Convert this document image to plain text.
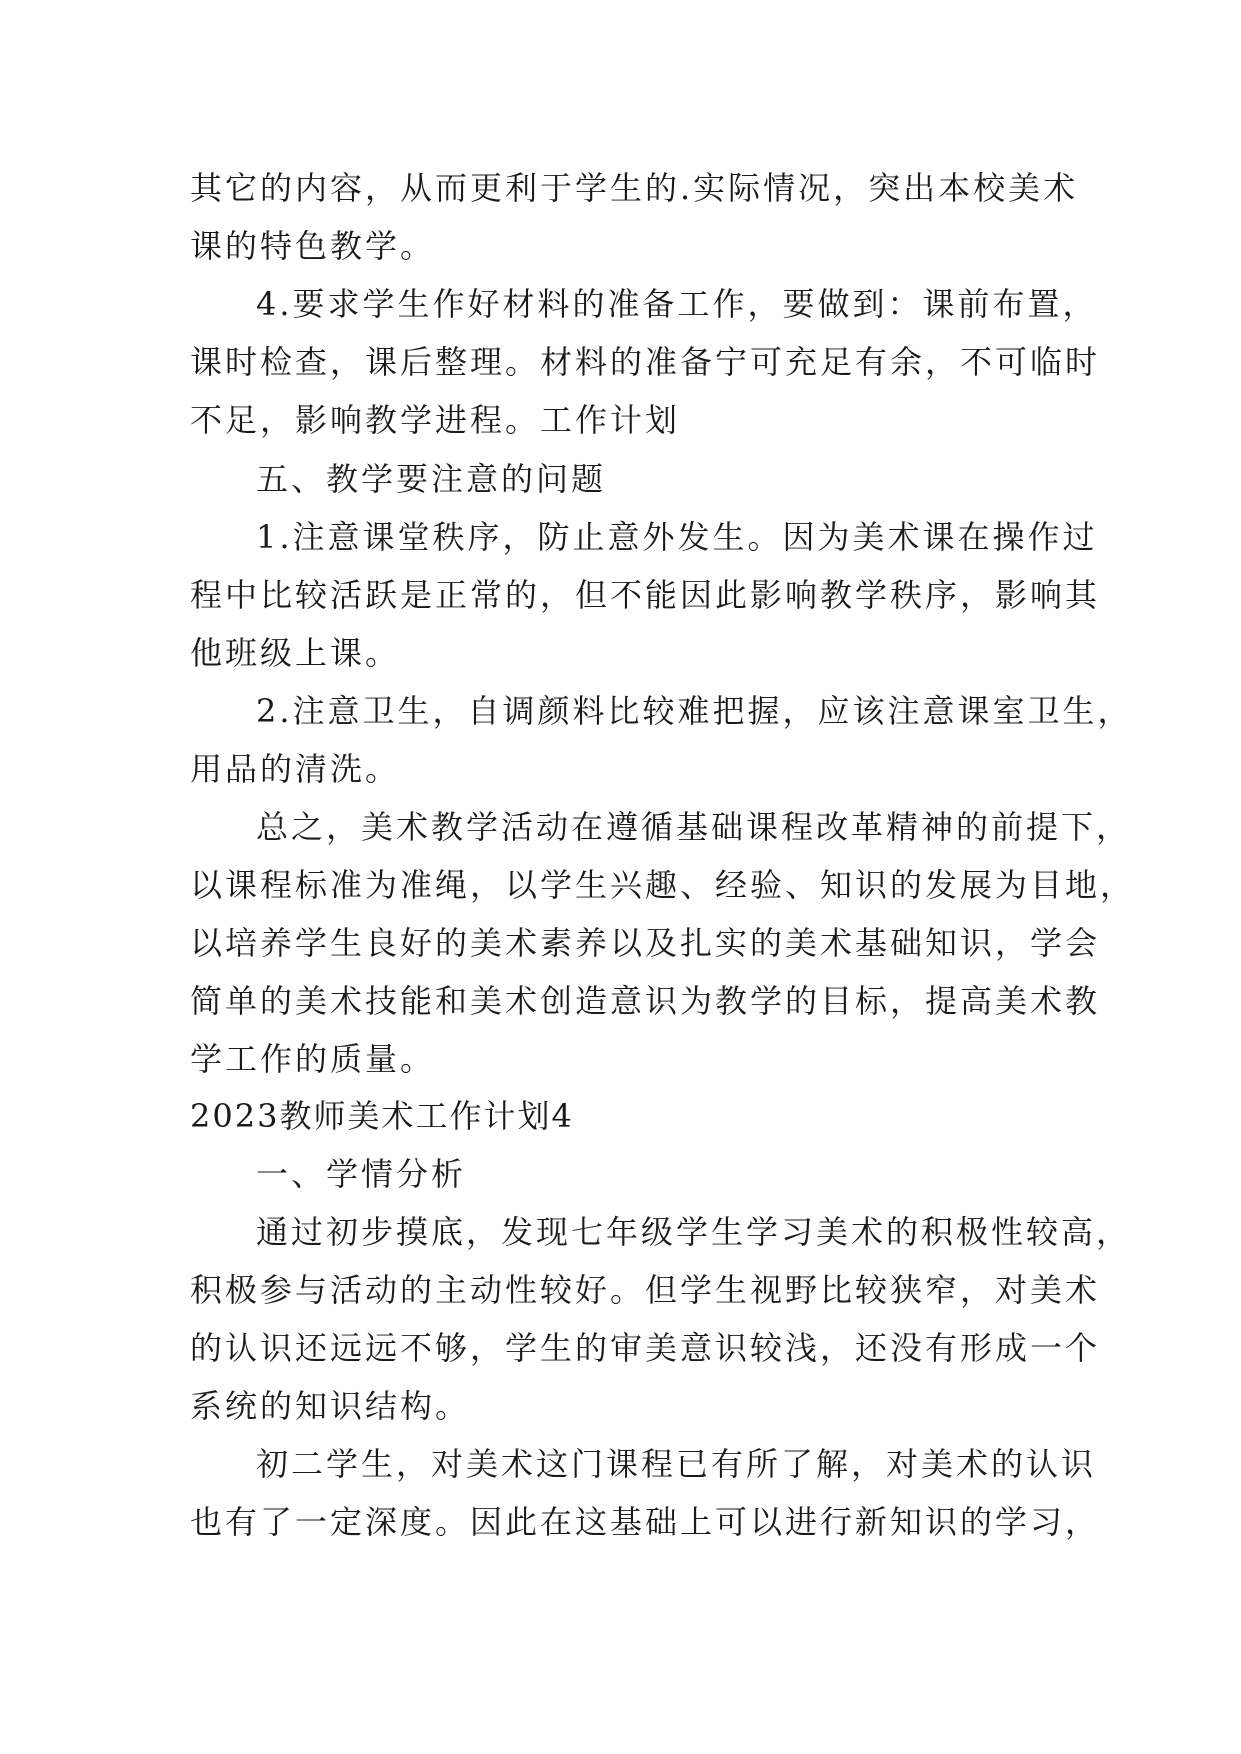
其它的内容，从而更利于学生的.实际情况，突出本校美术
课的特色教学。
4.要求学生作好材料的准备工作，要做到：课前布置，
课时检查，课后整理。材料的准备宁可充足有余，不可临时
不足，影响教学进程。工作计划
五、教学要注意的问题
1.注意课堂秩序，防止意外发生。因为美术课在操作过
程中比较活跃是正常的，但不能因此影响教学秩序，影响其
他班级上课。
2.注意卫生，自调颜料比较难把握，应该注意课室卫生，
用品的清洗。
总之，美术教学活动在遵循基础课程改革精神的前提下，
以课程标准为准绳，以学生兴趣、经验、知识的发展为目地，
以培养学生良好的美术素养以及扎实的美术基础知识，学会
简单的美术技能和美术创造意识为教学的目标，提高美术教
学工作的质量。
2023教师美术工作计划4
一、学情分析
通过初步摸底，发现七年级学生学习美术的积极性较高，
积极参与活动的主动性较好。但学生视野比较狭窄，对美术
的认识还远远不够，学生的审美意识较浅，还没有形成一个
系统的知识结构。
初二学生，对美术这门课程已有所了解，对美术的认识
也有了一定深度。因此在这基础上可以进行新知识的学习，
